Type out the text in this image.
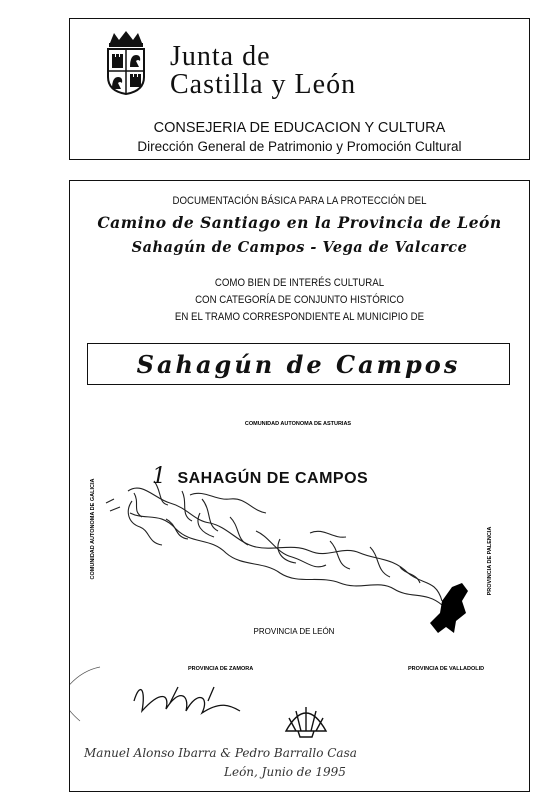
Junta de
Castilla y León
CONSEJERIA DE EDUCACION Y CULTURA
Dirección General de Patrimonio y Promoción Cultural
DOCUMENTACIÓN BÁSICA PARA LA PROTECCIÓN DEL
Camino de Santiago en la Provincia de León
Sahagún de Campos - Vega de Valcarce
COMO BIEN DE INTERÉS CULTURAL
CON CATEGORÍA DE CONJUNTO HISTÓRICO
EN EL TRAMO CORRESPONDIENTE AL MUNICIPIO DE
Sahagún de Campos
COMUNIDAD AUTONOMA DE ASTURIAS
COMUNIDAD AUTONOMA DE GALICIA	PROVINCIA DE PALENCIA
PROVINCIA DE LEÓN
PROVINCIA DE ZAMORA	PROVINCIA DE VALLADOLID
1 SAHAGÚN DE CAMPOS
Manuel Alonso Ibarra & Pedro Barrallo Casa
León, Junio de 1995
